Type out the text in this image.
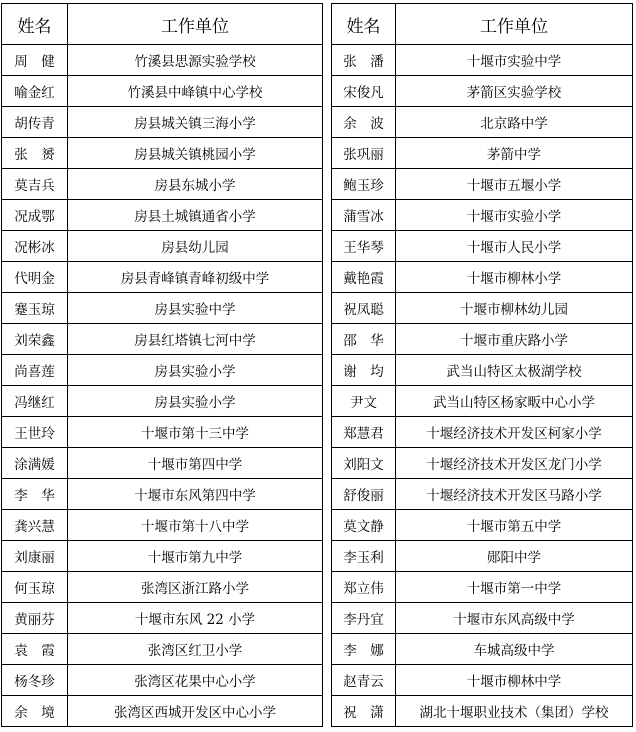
姓名	工作单位		姓名	工作单位
周　健	竹溪县思源实验学校		张　潘	十堰市实验中学
喻金红	竹溪县中峰镇中心学校		宋俊凡	茅箭区实验学校
胡传青	房县城关镇三海小学		余　波	北京路中学
张　赟	房县城关镇桃园小学		张巩丽	茅箭中学
莫吉兵	房县东城小学		鲍玉珍	十堰市五堰小学
况成鄂	房县土城镇通省小学		蒲雪冰	十堰市实验小学
况彬冰	房县幼儿园		王华琴	十堰市人民小学
代明金	房县青峰镇青峰初级中学		戴艳霞	十堰市柳林小学
蹇玉琼	房县实验中学		祝凤聪	十堰市柳林幼儿园
刘荣鑫	房县红塔镇七河中学		邵　华	十堰市重庆路小学
尚喜莲	房县实验小学		谢　均	武当山特区太极湖学校
冯继红	房县实验小学		尹文	武当山特区杨家畈中心小学
王世玲	十堰市第十三中学		郑慧君	十堰经济技术开发区柯家小学
涂满媛	十堰市第四中学		刘阳文	十堰经济技术开发区龙门小学
李　华	十堰市东风第四中学		舒俊丽	十堰经济技术开发区马路小学
龚兴慧	十堰市第十八中学		莫文静	十堰市第五中学
刘康丽	十堰市第九中学		李玉利	郧阳中学
何玉琼	张湾区浙江路小学		郑立伟	十堰市第一中学
黄丽芬	十堰市东风 22 小学		李丹宜	十堰市东风高级中学
袁　霞	张湾区红卫小学		李　娜	车城高级中学
杨冬珍	张湾区花果中心小学		赵青云	十堰市柳林中学
余　境	张湾区西城开发区中心小学		祝　潇	湖北十堰职业技术（集团）学校
